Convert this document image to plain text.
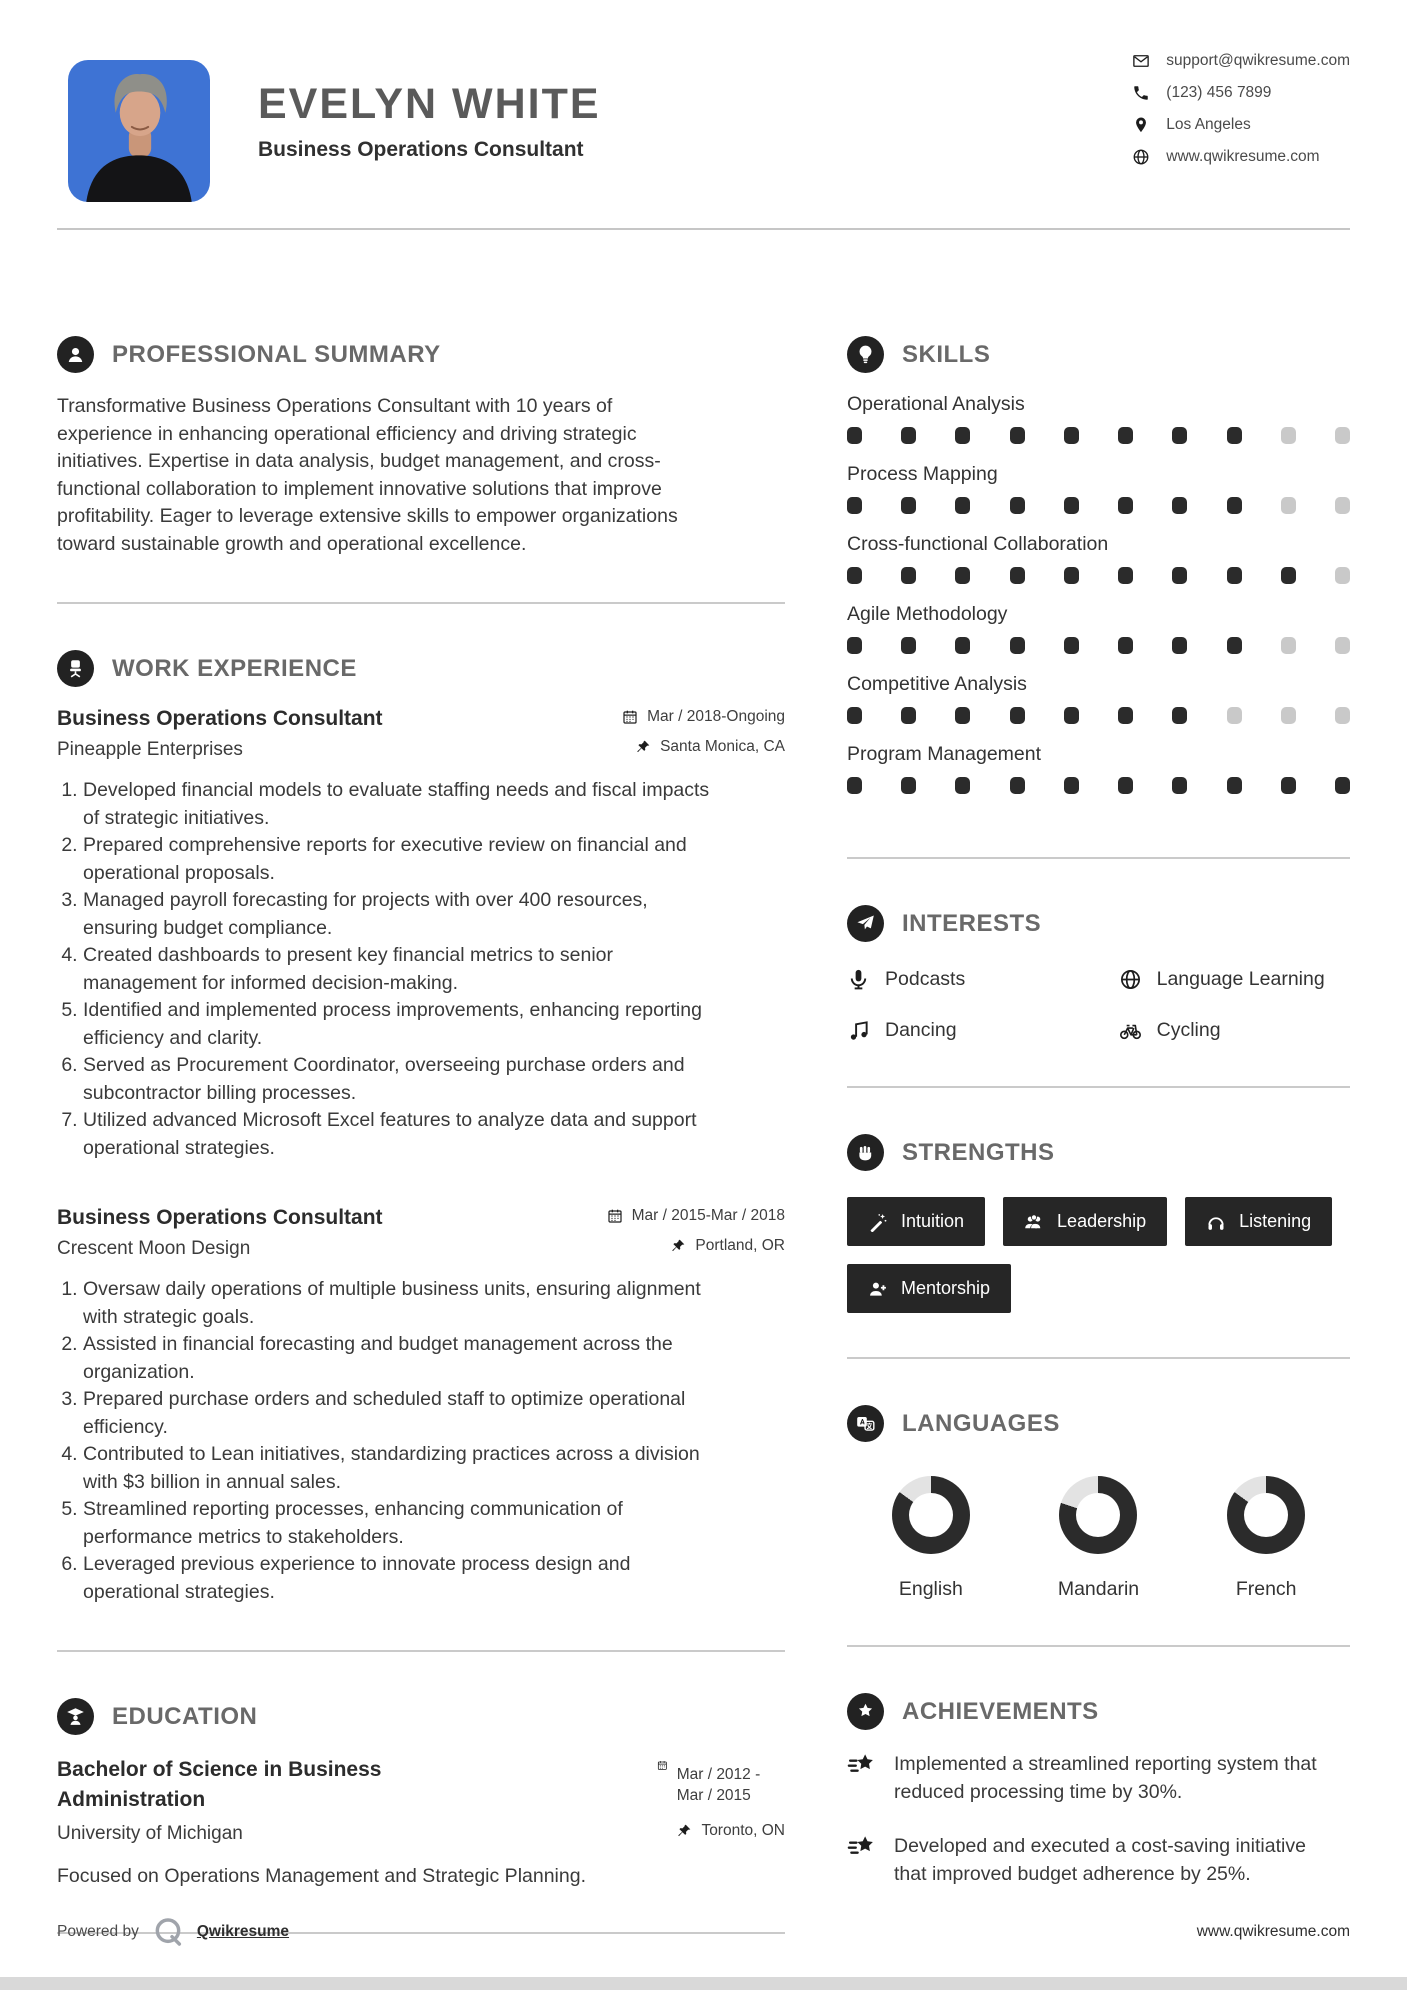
EVELYN WHITE
Business Operations Consultant
support@qwikresume.com
(123) 456 7899
Los Angeles
www.qwikresume.com
PROFESSIONAL SUMMARY

Transformative Business Operations Consultant with 10 years of experience in enhancing operational efficiency and driving strategic initiatives. Expertise in data analysis, budget management, and cross-functional collaboration to implement innovative solutions that improve profitability. Eager to leverage extensive skills to empower organizations toward sustainable growth and operational excellence.

WORK EXPERIENCE
Business Operations Consultant	Mar / 2018-Ongoing
Pineapple Enterprises	Santa Monica, CA
1. Developed financial models to evaluate staffing needs and fiscal impacts of strategic initiatives.
2. Prepared comprehensive reports for executive review on financial and operational proposals.
3. Managed payroll forecasting for projects with over 400 resources, ensuring budget compliance.
4. Created dashboards to present key financial metrics to senior management for informed decision-making.
5. Identified and implemented process improvements, enhancing reporting efficiency and clarity.
6. Served as Procurement Coordinator, overseeing purchase orders and subcontractor billing processes.
7. Utilized advanced Microsoft Excel features to analyze data and support operational strategies.
Business Operations Consultant	Mar / 2015-Mar / 2018
Crescent Moon Design	Portland, OR
1. Oversaw daily operations of multiple business units, ensuring alignment with strategic goals.
2. Assisted in financial forecasting and budget management across the organization.
3. Prepared purchase orders and scheduled staff to optimize operational efficiency.
4. Contributed to Lean initiatives, standardizing practices across a division with $3 billion in annual sales.
5. Streamlined reporting processes, enhancing communication of performance metrics to stakeholders.
6. Leveraged previous experience to innovate process design and operational strategies.
EDUCATION
Bachelor of Science in Business Administration
Mar / 2012 - Mar / 2015
University of Michigan	Toronto, ON

Focused on Operations Management and Strategic Planning.

SKILLS
Operational Analysis
Process Mapping
Cross-functional Collaboration
Agile Methodology
Competitive Analysis
Program Management
INTERESTS
Podcasts	Language Learning
Dancing	Cycling
STRENGTHS
Intuition	Leadership	Listening
Mentorship
LANGUAGES
English	Mandarin	French
ACHIEVEMENTS

Implemented a streamlined reporting system that reduced processing time by 30%.

Developed and executed a cost-saving initiative that improved budget adherence by 25%.

Powered by	Qwikresume	www.qwikresume.com
